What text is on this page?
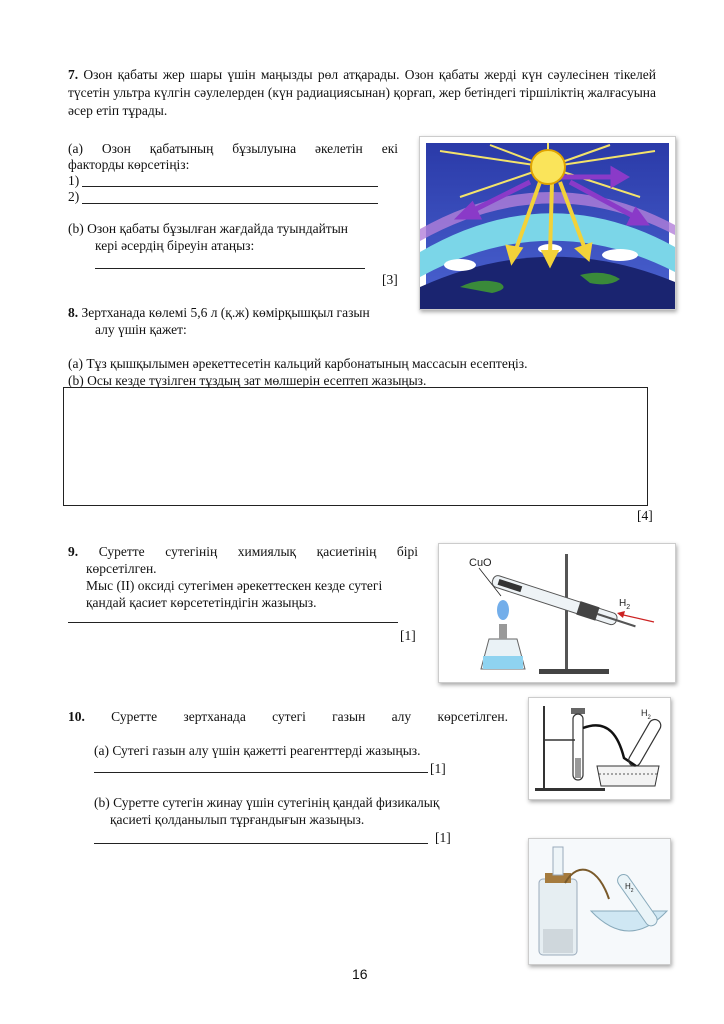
7. Озон қабаты жер шары үшін маңызды рөл атқарады. Озон қабаты жерді күн сәулесінен тікелей түсетін ультра күлгін сәулелерден (күн радиациясынан) қорғап, жер бетіндегі тіршіліктің жалғасуына әсер етіп тұрады.
(а) Озон қабатының бұзылуына әкелетін екі
факторды көрсетіңіз:
1)
2)
(b) Озон қабаты бұзылған жағдайда туындайтын
кері әсердің біреуін атаңыз:
[3]
8. Зертханада көлемі 5,6 л (қ.ж) көмірқышқыл газын
алу үшін қажет:
(а) Тұз қышқылымен әрекеттесетін кальций карбонатының массасын есептеңіз.
(b) Осы кезде түзілген тұздың зат мөлшерін есептеп жазыңыз.
[4]
9. Суретте сутегінің химиялық қасиетінің бірі
көрсетілген.
Мыс (II) оксиді сутегімен әрекеттескен кезде сутегі
қандай қасиет көрсететіндігін жазыңыз.
[1]
CuO
$H_2$
10. Суретте зертханада сутегі газын алу көрсетілген.
(а) Сутегі газын алу үшін қажетті реагенттерді жазыңыз.
[1]
(b) Суретте сутегін жинау үшін сутегінің қандай физикалық
қасиеті қолданылып тұрғандығын жазыңыз.
[1]
$H_2$
$H_2$
16
